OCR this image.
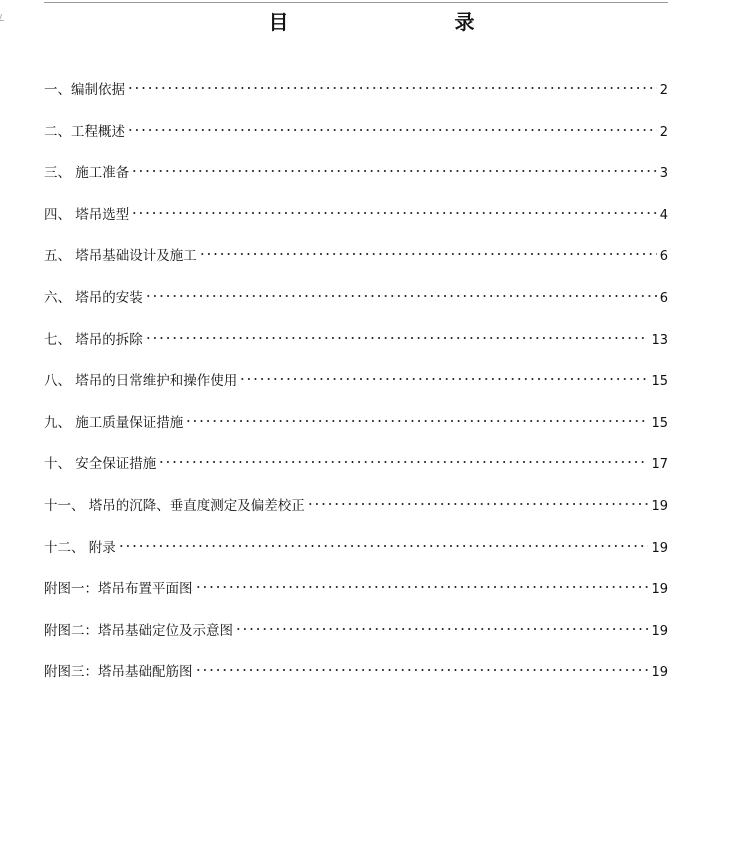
目　　录
一、编制依据	2
二、工程概述	2
三、 施工准备	3
四、 塔吊选型	4
五、 塔吊基础设计及施工	6
六、 塔吊的安装	6
七、 塔吊的拆除	13
八、 塔吊的日常维护和操作使用	15
九、 施工质量保证措施	15
十、 安全保证措施	17
十一、 塔吊的沉降、垂直度测定及偏差校正	19
十二、 附录	19
附图一：塔吊布置平面图	19
附图二：塔吊基础定位及示意图	19
附图三：塔吊基础配筋图	19
